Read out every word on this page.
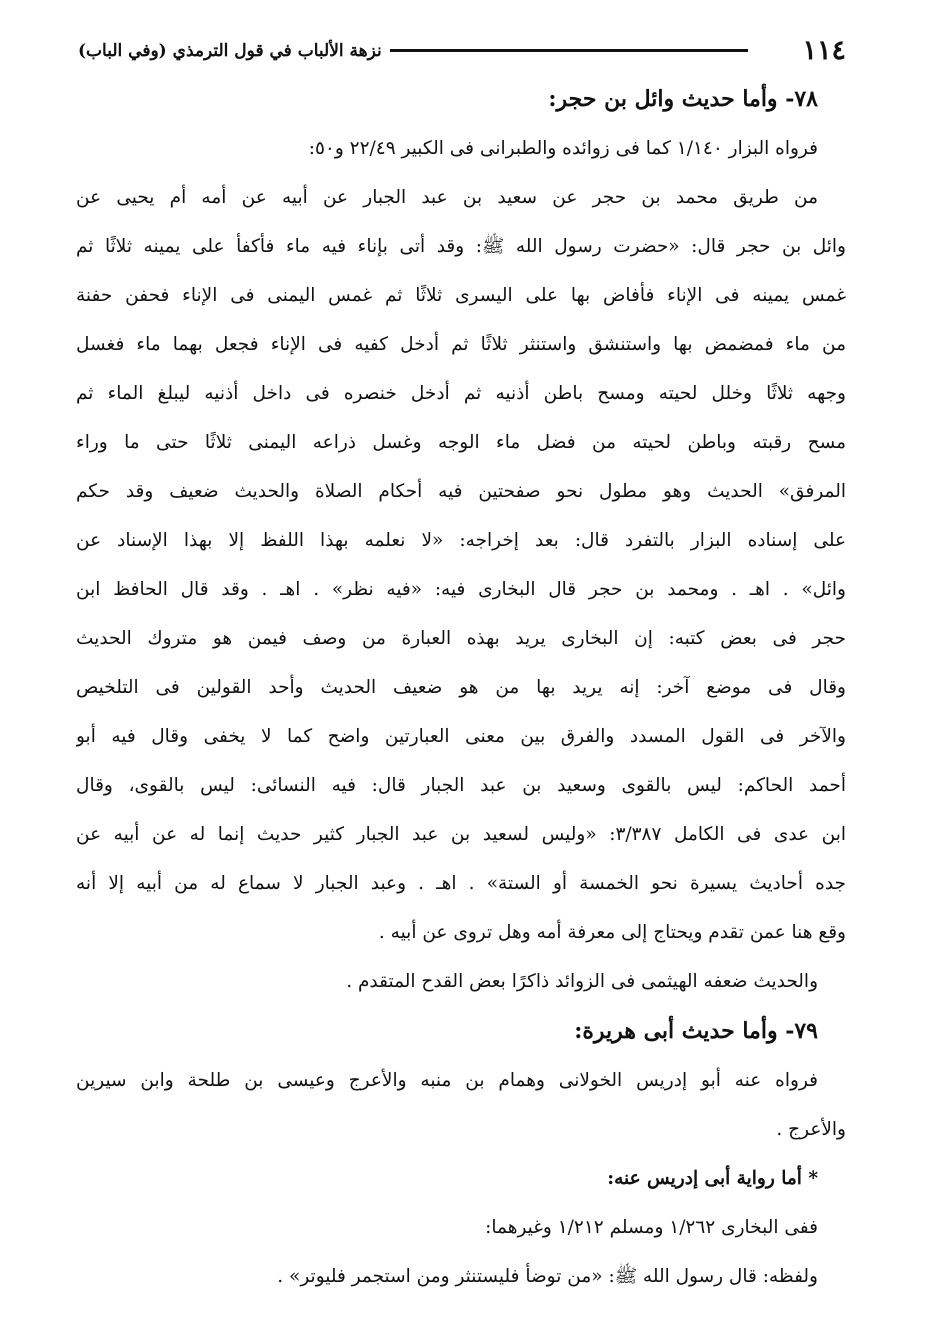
١١٤
نزهة الألباب في قول الترمذي (وفي الباب)
٧٨- وأما حديث وائل بن حجر:
فرواه البزار ١/١٤٠ كما فى زوائده والطبرانى فى الكبير ٢٢/٤٩ و٥٠:
من طريق محمد بن حجر عن سعيد بن عبد الجبار عن أبيه عن أمه أم يحيى عن
وائل بن حجر قال: «حضرت رسول الله ﷺ: وقد أتى بإناء فيه ماء فأكفأ على يمينه ثلاثًا ثم
غمس يمينه فى الإناء فأفاض بها على اليسرى ثلاثًا ثم غمس اليمنى فى الإناء فحفن حفنة
من ماء فمضمض بها واستنشق واستنثر ثلاثًا ثم أدخل كفيه فى الإناء فجعل بهما ماء فغسل
وجهه ثلاثًا وخلل لحيته ومسح باطن أذنيه ثم أدخل خنصره فى داخل أذنيه ليبلغ الماء ثم
مسح رقبته وباطن لحيته من فضل ماء الوجه وغسل ذراعه اليمنى ثلاثًا حتى ما وراء
المرفق» الحديث وهو مطول نحو صفحتين فيه أحكام الصلاة والحديث ضعيف وقد حكم
على إسناده البزار بالتفرد قال: بعد إخراجه: «لا نعلمه بهذا اللفظ إلا بهذا الإسناد عن
وائل» . اهـ . ومحمد بن حجر قال البخارى فيه: «فيه نظر» . اهـ . وقد قال الحافظ ابن
حجر فى بعض كتبه: إن البخارى يريد بهذه العبارة من وصف فيمن هو متروك الحديث
وقال فى موضع آخر: إنه يريد بها من هو ضعيف الحديث وأحد القولين فى التلخيص
والآخر فى القول المسدد والفرق بين معنى العبارتين واضح كما لا يخفى وقال فيه أبو
أحمد الحاكم: ليس بالقوى وسعيد بن عبد الجبار قال: فيه النسائى: ليس بالقوى، وقال
ابن عدى فى الكامل ٣/٣٨٧: «وليس لسعيد بن عبد الجبار كثير حديث إنما له عن أبيه عن
جده أحاديث يسيرة نحو الخمسة أو الستة» . اهـ . وعبد الجبار لا سماع له من أبيه إلا أنه
وقع هنا عمن تقدم ويحتاج إلى معرفة أمه وهل تروى عن أبيه .
والحديث ضعفه الهيثمى فى الزوائد ذاكرًا بعض القدح المتقدم .
٧٩- وأما حديث أبى هريرة:
فرواه عنه أبو إدريس الخولانى وهمام بن منبه والأعرج وعيسى بن طلحة وابن سيرين
والأعرج .
* أما رواية أبى إدريس عنه:
ففى البخارى ١/٢٦٢ ومسلم ١/٢١٢ وغيرهما:
ولفظه: قال رسول الله ﷺ: «من توضأ فليستنثر ومن استجمر فليوتر» .
